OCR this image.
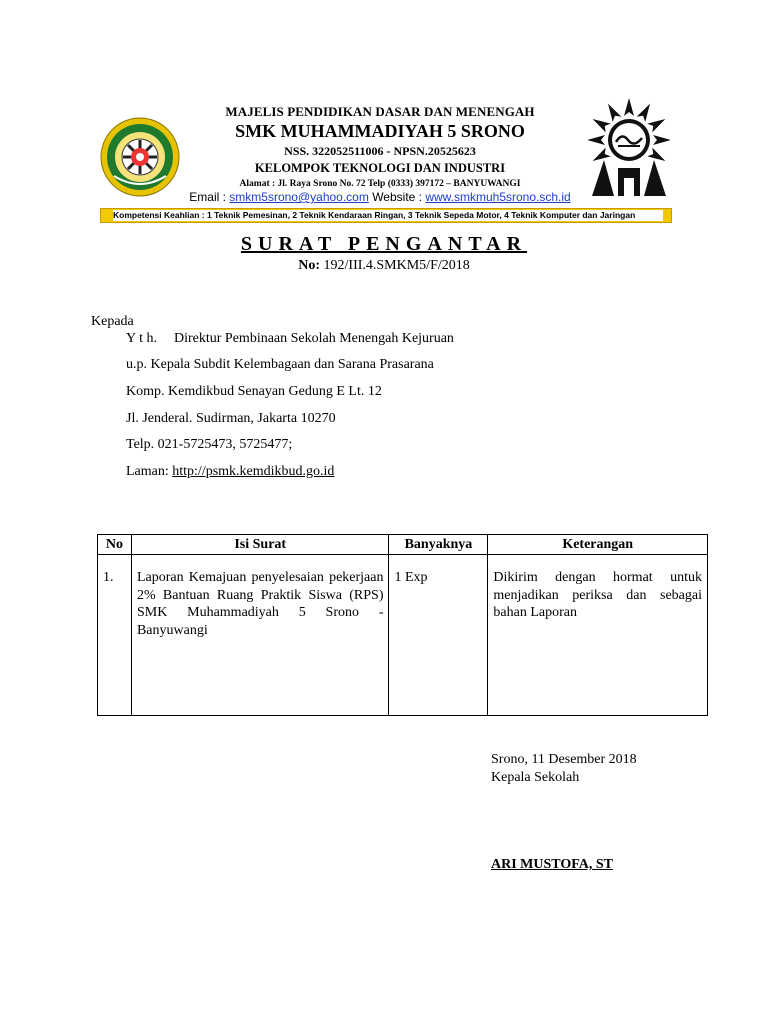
MAJELIS PENDIDIKAN DASAR DAN MENENGAH
SMK MUHAMMADIYAH 5 SRONO
NSS. 322052511006 - NPSN.20525623
KELOMPOK TEKNOLOGI DAN INDUSTRI
Alamat : Jl. Raya Srono No. 72 Telp (0333) 397172 – BANYUWANGI
Email : smkm5srono@yahoo.com Website : www.smkmuh5srono.sch.id
Kompetensi Keahlian : 1 Teknik Pemesinan, 2 Teknik Kendaraan Ringan, 3 Teknik Sepeda Motor, 4 Teknik Komputer dan Jaringan
SURAT PENGANTAR
No: 192/III.4.SMKM5/F/2018
Kepada
Y t h. Direktur Pembinaan Sekolah Menengah Kejuruan
u.p. Kepala Subdit Kelembagaan dan Sarana Prasarana
Komp. Kemdikbud Senayan Gedung E Lt. 12
Jl. Jenderal. Sudirman, Jakarta 10270
Telp. 021-5725473, 5725477;
Laman: http://psmk.kemdikbud.go.id
No	Isi Surat	Banyaknya	Keterangan

1.	Laporan Kemajuan penyelesaian pekerjaan 2% Bantuan Ruang Praktik Siswa (RPS) SMK Muhammadiyah 5 Srono - Banyuwangi	1 Exp	Dikirim dengan hormat untuk menjadikan periksa dan sebagai bahan Laporan
Srono, 11 Desember 2018
Kepala Sekolah
ARI MUSTOFA, ST
